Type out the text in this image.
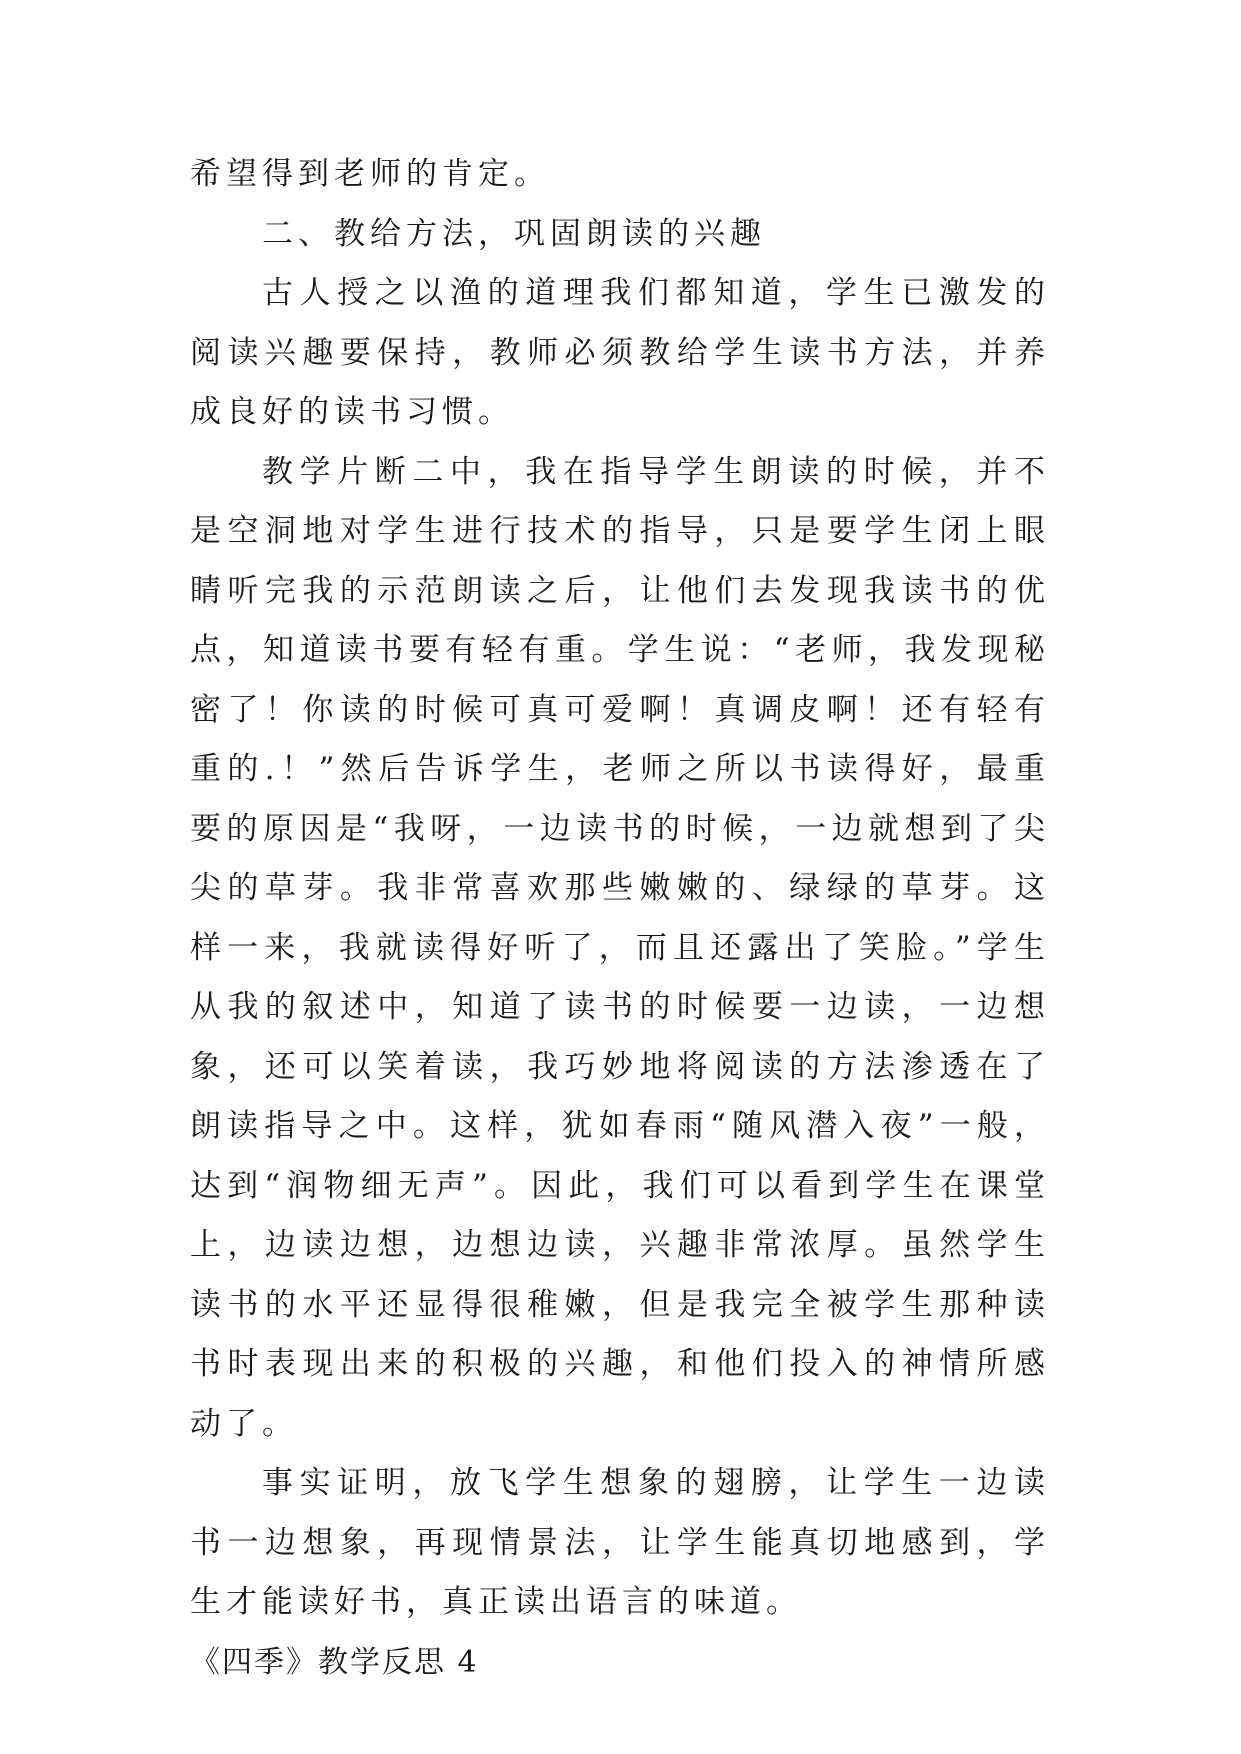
希望得到老师的肯定。

二、教给方法，巩固朗读的兴趣

古人授之以渔的道理我们都知道，学生已激发的阅读兴趣要保持，教师必须教给学生读书方法，并养成良好的读书习惯。

教学片断二中，我在指导学生朗读的时候，并不是空洞地对学生进行技术的指导，只是要学生闭上眼睛听完我的示范朗读之后，让他们去发现我读书的优点，知道读书要有轻有重。学生说：“老师，我发现秘密了！你读的时候可真可爱啊！真调皮啊！还有轻有重的.！”然后告诉学生，老师之所以书读得好，最重要的原因是“我呀，一边读书的时候，一边就想到了尖尖的草芽。我非常喜欢那些嫩嫩的、绿绿的草芽。这样一来，我就读得好听了，而且还露出了笑脸。”学生从我的叙述中，知道了读书的时候要一边读，一边想象，还可以笑着读，我巧妙地将阅读的方法渗透在了朗读指导之中。这样，犹如春雨“随风潜入夜”一般，达到“润物细无声”。因此，我们可以看到学生在课堂上，边读边想，边想边读，兴趣非常浓厚。虽然学生读书的水平还显得很稚嫩，但是我完全被学生那种读书时表现出来的积极的兴趣，和他们投入的神情所感动了。

事实证明，放飞学生想象的翅膀，让学生一边读书一边想象，再现情景法，让学生能真切地感到，学生才能读好书，真正读出语言的味道。

《四季》教学反思 4
